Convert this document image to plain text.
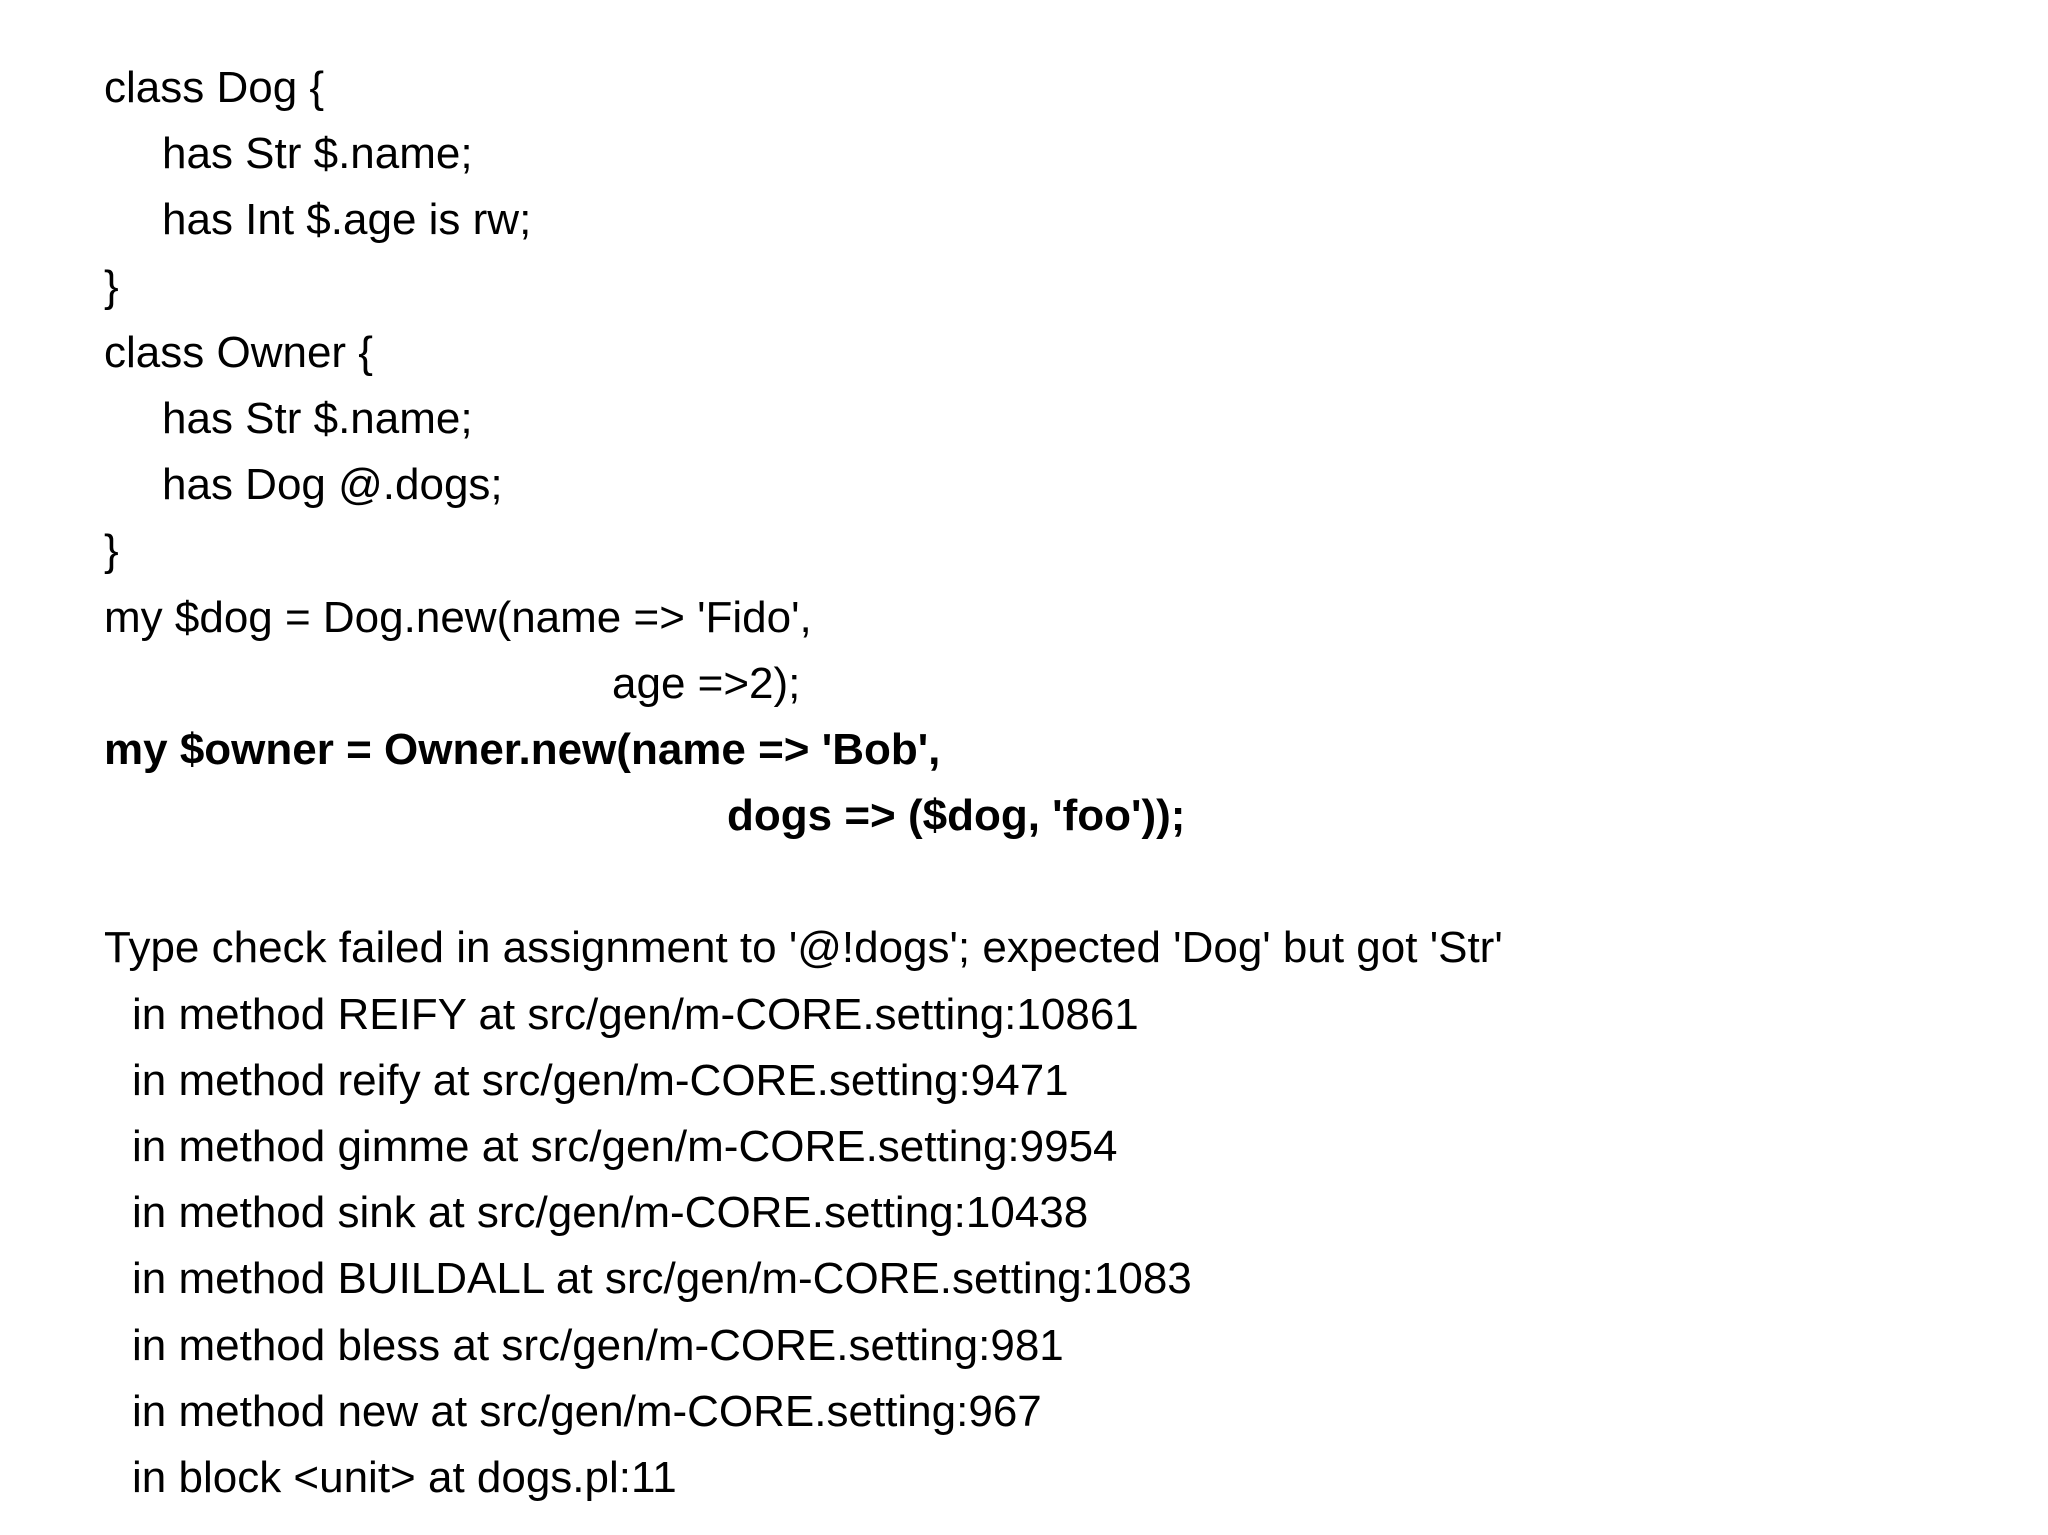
class Dog {
has Str $.name;
has Int $.age is rw;
}
class Owner {
has Str $.name;
has Dog @.dogs;
}
my $dog = Dog.new(name => 'Fido',
age =>2);
my $owner = Owner.new(name => 'Bob',
dogs => ($dog, 'foo'));
Type check failed in assignment to '@!dogs'; expected 'Dog' but got 'Str'
in method REIFY at src/gen/m-CORE.setting:10861
in method reify at src/gen/m-CORE.setting:9471
in method gimme at src/gen/m-CORE.setting:9954
in method sink at src/gen/m-CORE.setting:10438
in method BUILDALL at src/gen/m-CORE.setting:1083
in method bless at src/gen/m-CORE.setting:981
in method new at src/gen/m-CORE.setting:967
in block <unit> at dogs.pl:11
